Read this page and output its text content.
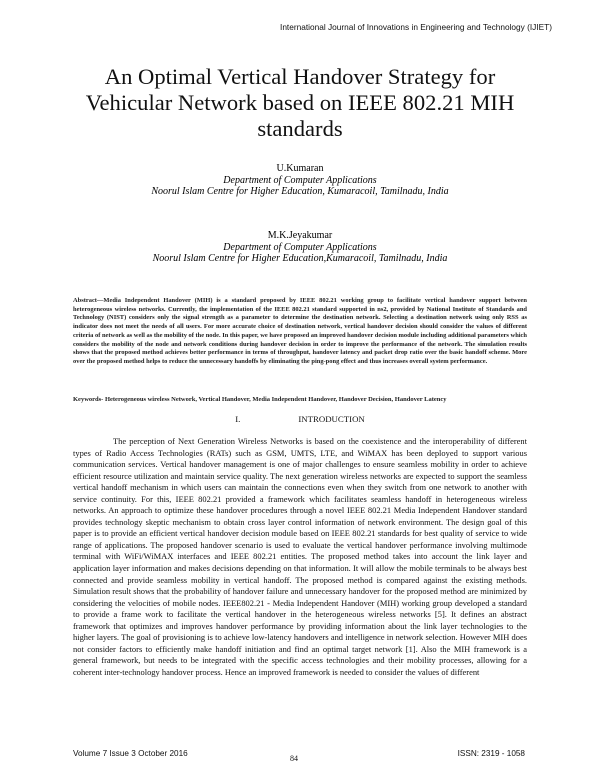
International Journal of Innovations in Engineering and Technology (IJIET)
An Optimal Vertical Handover Strategy for Vehicular Network based on IEEE 802.21 MIH standards
U.Kumaran
Department of Computer Applications
Noorul Islam Centre for Higher Education, Kumaracoil, Tamilnadu, India
M.K.Jeyakumar
Department of Computer Applications
Noorul Islam Centre for Higher Education,Kumaracoil, Tamilnadu, India
Abstract—Media Independent Handover (MIH) is a standard proposed by IEEE 802.21 working group to facilitate vertical handover support between heterogeneous wireless networks. Currently, the implementation of the IEEE 802.21 standard supported in ns2, provided by National Institute of Standards and Technology (NIST) considers only the signal strength as a parameter to determine the destination network. Selecting a destination network using only RSS as indicator does not meet the needs of all users. For more accurate choice of destination network, vertical handover decision should consider the values of different criteria of network as well as the mobility of the node. In this paper, we have proposed an improved handover decision module including additional parameters which considers the mobility of the node and network conditions during handover decision in order to improve the performance of the network. The simulation results shows that the proposed method achieves better performance in terms of throughput, handover latency and packet drop ratio over the basic handoff scheme. More over the proposed method helps to reduce the unnecessary handoffs by eliminating the ping-pong effect and thus increases overall system performance.
Keywords- Heterogeneous wireless Network, Vertical Handover, Media Independent Handover, Handover Decision, Handover Latency
I.	INTRODUCTION

The perception of Next Generation Wireless Networks is based on the coexistence and the interoperability of different types of Radio Access Technologies (RATs) such as GSM, UMTS, LTE, and WiMAX has been deployed to support various communication services. Vertical handover management is one of major challenges to ensure seamless mobility in order to achieve efficient resource utilization and maintain service quality. The next generation wireless networks are expected to support the seamless vertical handoff mechanism in which users can maintain the connections even when they switch from one network to another with service continuity. For this, IEEE 802.21 provided a framework which facilitates seamless handoff in heterogeneous wireless networks. An approach to optimize these handover procedures through a novel IEEE 802.21 Media Independent Handover standard provides technology skeptic mechanism to obtain cross layer control information of network environment. The design goal of this paper is to provide an efficient vertical handover decision module based on IEEE 802.21 standards for best quality of service to wide range of applications. The proposed handover scenario is used to evaluate the vertical handover performance involving multimode terminal with WiFi/WiMAX interfaces and IEEE 802.21 entities. The proposed method takes into account the link layer and application layer information and makes decisions depending on that information. It will allow the mobile terminals to be always best connected and provide seamless mobility in vertical handoff. The proposed method is compared against the existing methods. Simulation result shows that the probability of handover failure and unnecessary handover for the proposed method are minimized by considering the velocities of mobile nodes. IEEE802.21 - Media Independent Handover (MIH) working group developed a standard to provide a frame work to facilitate the vertical handover in the heterogeneous wireless networks [5]. It defines an abstract framework that optimizes and improves handover performance by providing information about the link layer technologies to the higher layers. The goal of provisioning is to achieve low-latency handovers and intelligence in network selection. However MIH does not consider factors to efficiently make handoff initiation and find an optimal target network [1]. Also the MIH framework is a general framework, but needs to be integrated with the specific access technologies and their mobility processes, allowing for a coherent inter-technology handover process. Hence an improved framework is needed to consider the values of different

Volume 7 Issue 3 October 2016
84
ISSN: 2319 - 1058
